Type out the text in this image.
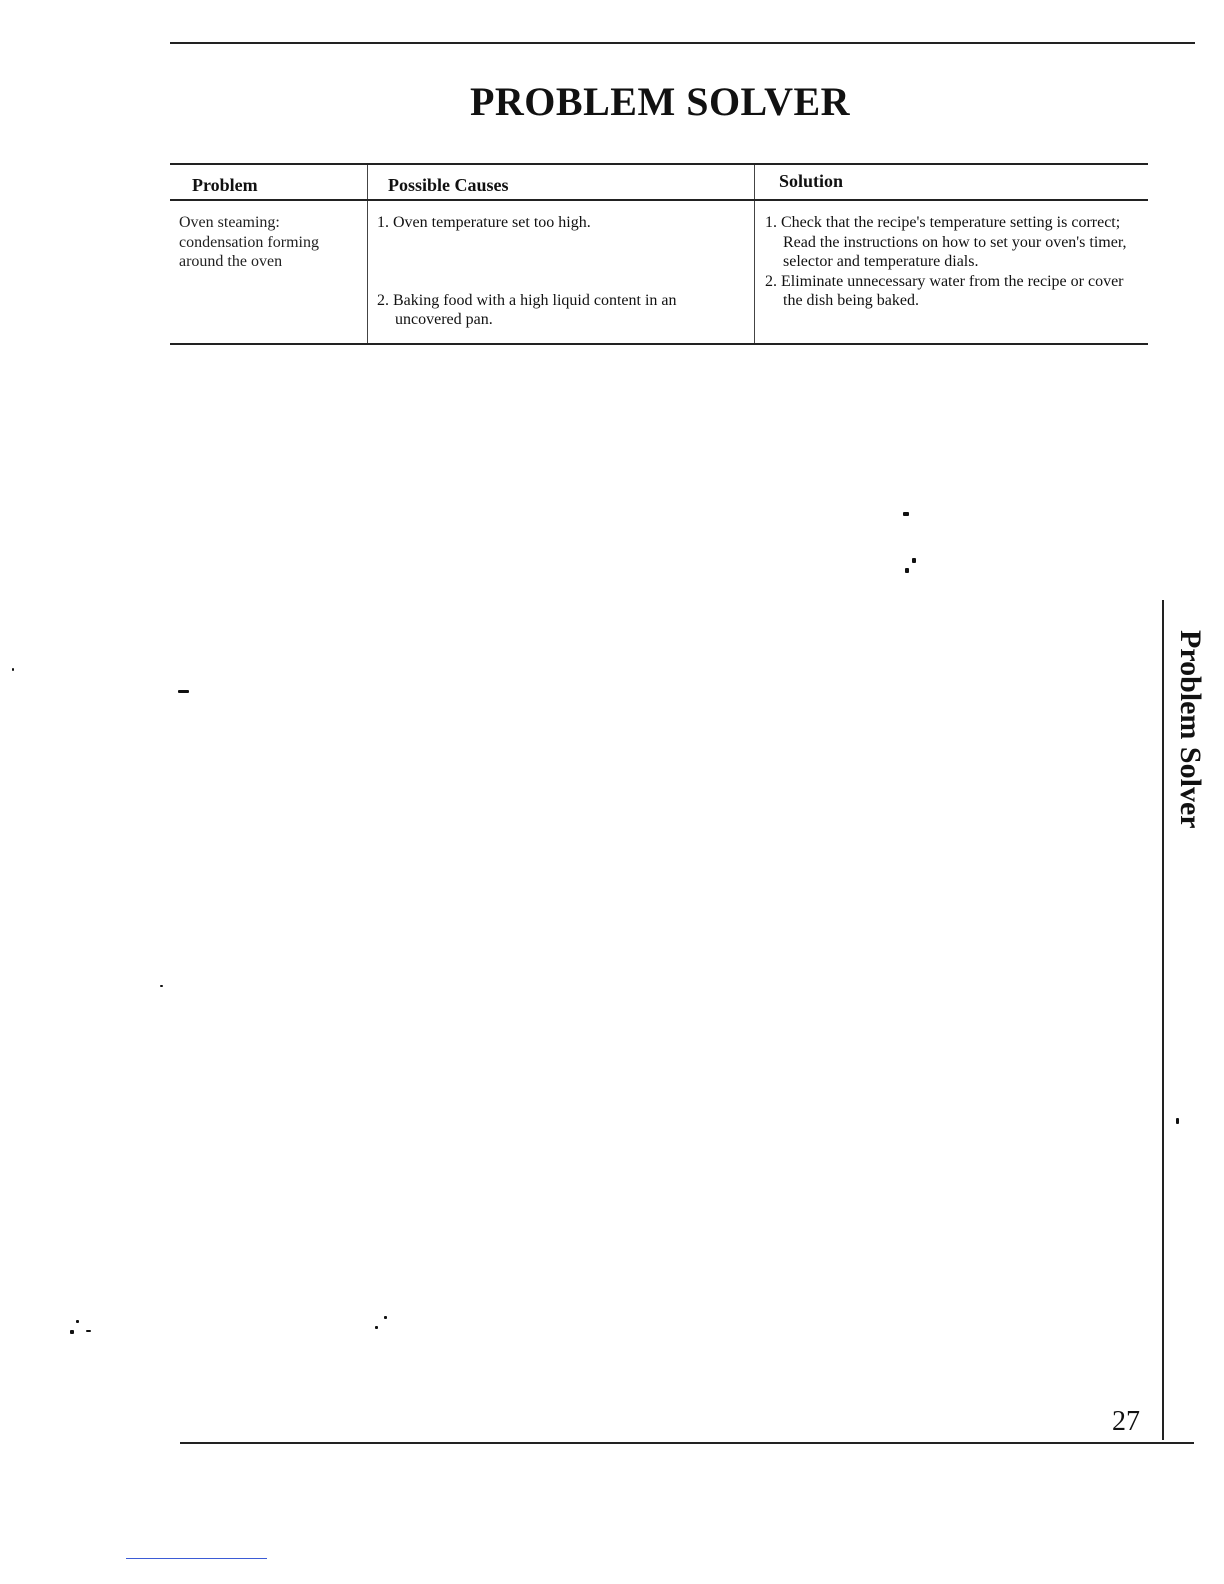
PROBLEM SOLVER
Problem	Possible Causes	Solution
Oven steaming: condensation forming around the oven
1. Oven temperature set too high.
2. Baking food with a high liquid content in an uncovered pan.
1. Check that the recipe's temperature setting is correct; Read the instructions on how to set your oven's timer, selector and temperature dials.
2. Eliminate unnecessary water from the recipe or cover the dish being baked.
Problem Solver
27
